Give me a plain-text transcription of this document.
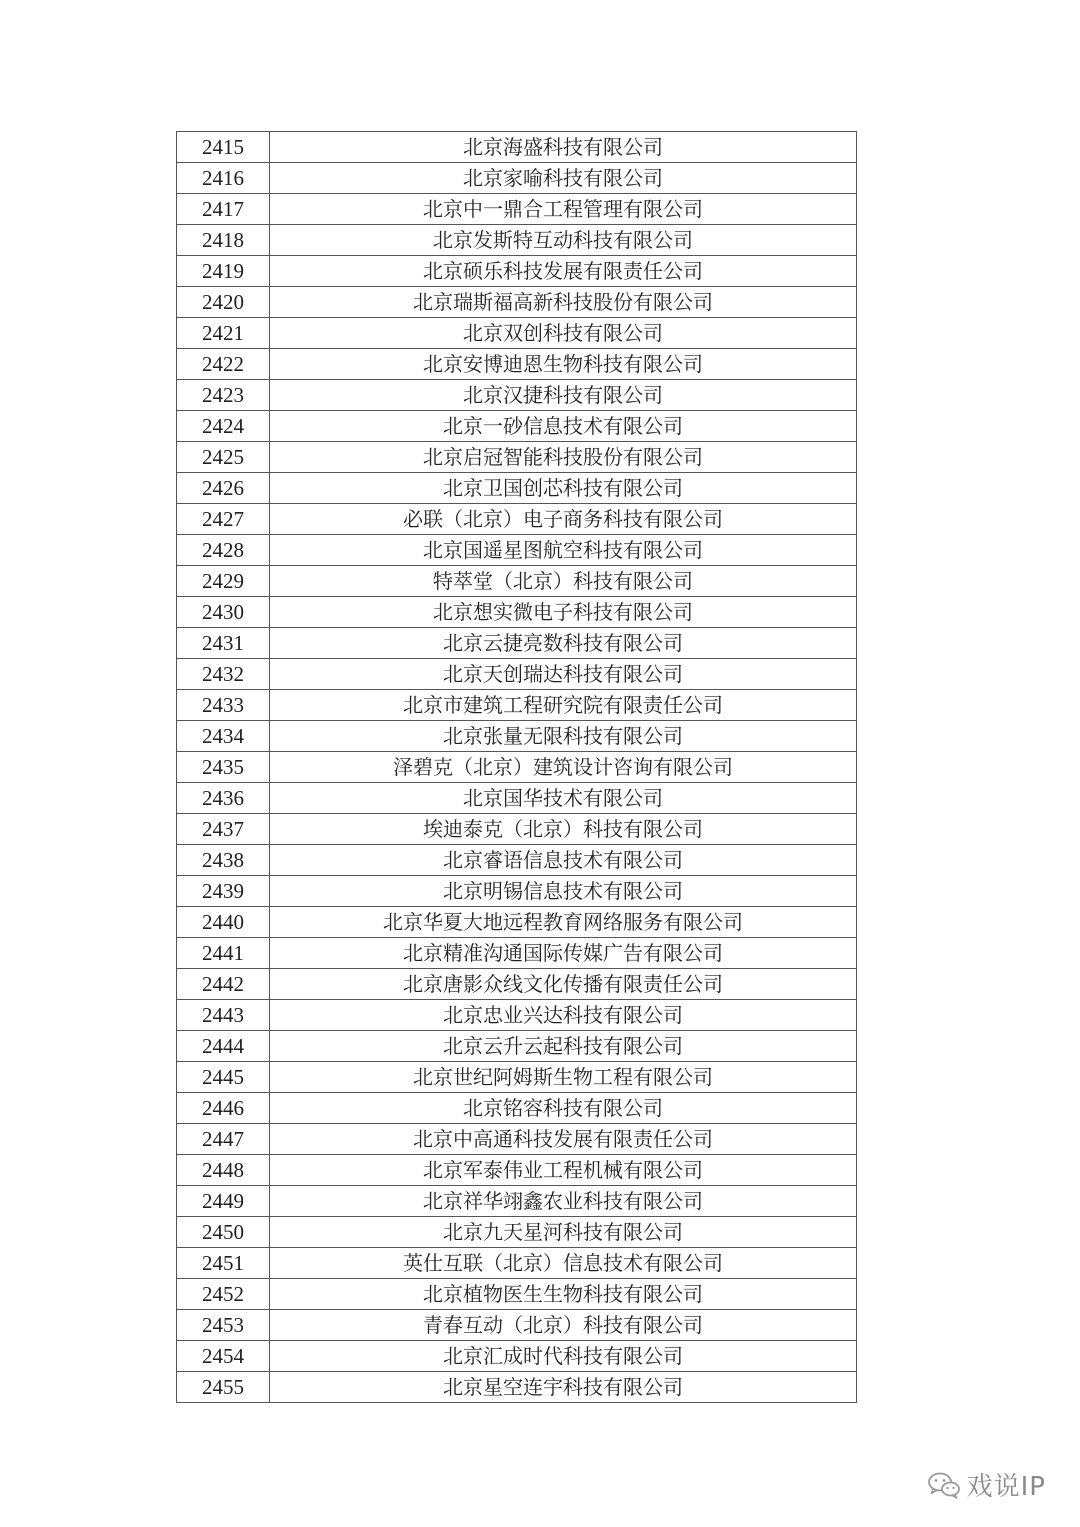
2415	北京海盛科技有限公司
2416	北京家喻科技有限公司
2417	北京中一鼎合工程管理有限公司
2418	北京发斯特互动科技有限公司
2419	北京硕乐科技发展有限责任公司
2420	北京瑞斯福高新科技股份有限公司
2421	北京双创科技有限公司
2422	北京安博迪恩生物科技有限公司
2423	北京汉捷科技有限公司
2424	北京一砂信息技术有限公司
2425	北京启冠智能科技股份有限公司
2426	北京卫国创芯科技有限公司
2427	必联（北京）电子商务科技有限公司
2428	北京国遥星图航空科技有限公司
2429	特萃堂（北京）科技有限公司
2430	北京想实微电子科技有限公司
2431	北京云捷亮数科技有限公司
2432	北京天创瑞达科技有限公司
2433	北京市建筑工程研究院有限责任公司
2434	北京张量无限科技有限公司
2435	泽碧克（北京）建筑设计咨询有限公司
2436	北京国华技术有限公司
2437	埃迪泰克（北京）科技有限公司
2438	北京睿语信息技术有限公司
2439	北京明锡信息技术有限公司
2440	北京华夏大地远程教育网络服务有限公司
2441	北京精准沟通国际传媒广告有限公司
2442	北京唐影众线文化传播有限责任公司
2443	北京忠业兴达科技有限公司
2444	北京云升云起科技有限公司
2445	北京世纪阿姆斯生物工程有限公司
2446	北京铭容科技有限公司
2447	北京中高通科技发展有限责任公司
2448	北京军泰伟业工程机械有限公司
2449	北京祥华翊鑫农业科技有限公司
2450	北京九天星河科技有限公司
2451	英仕互联（北京）信息技术有限公司
2452	北京植物医生生物科技有限公司
2453	青春互动（北京）科技有限公司
2454	北京汇成时代科技有限公司
2455	北京星空连宇科技有限公司
戏说IP
